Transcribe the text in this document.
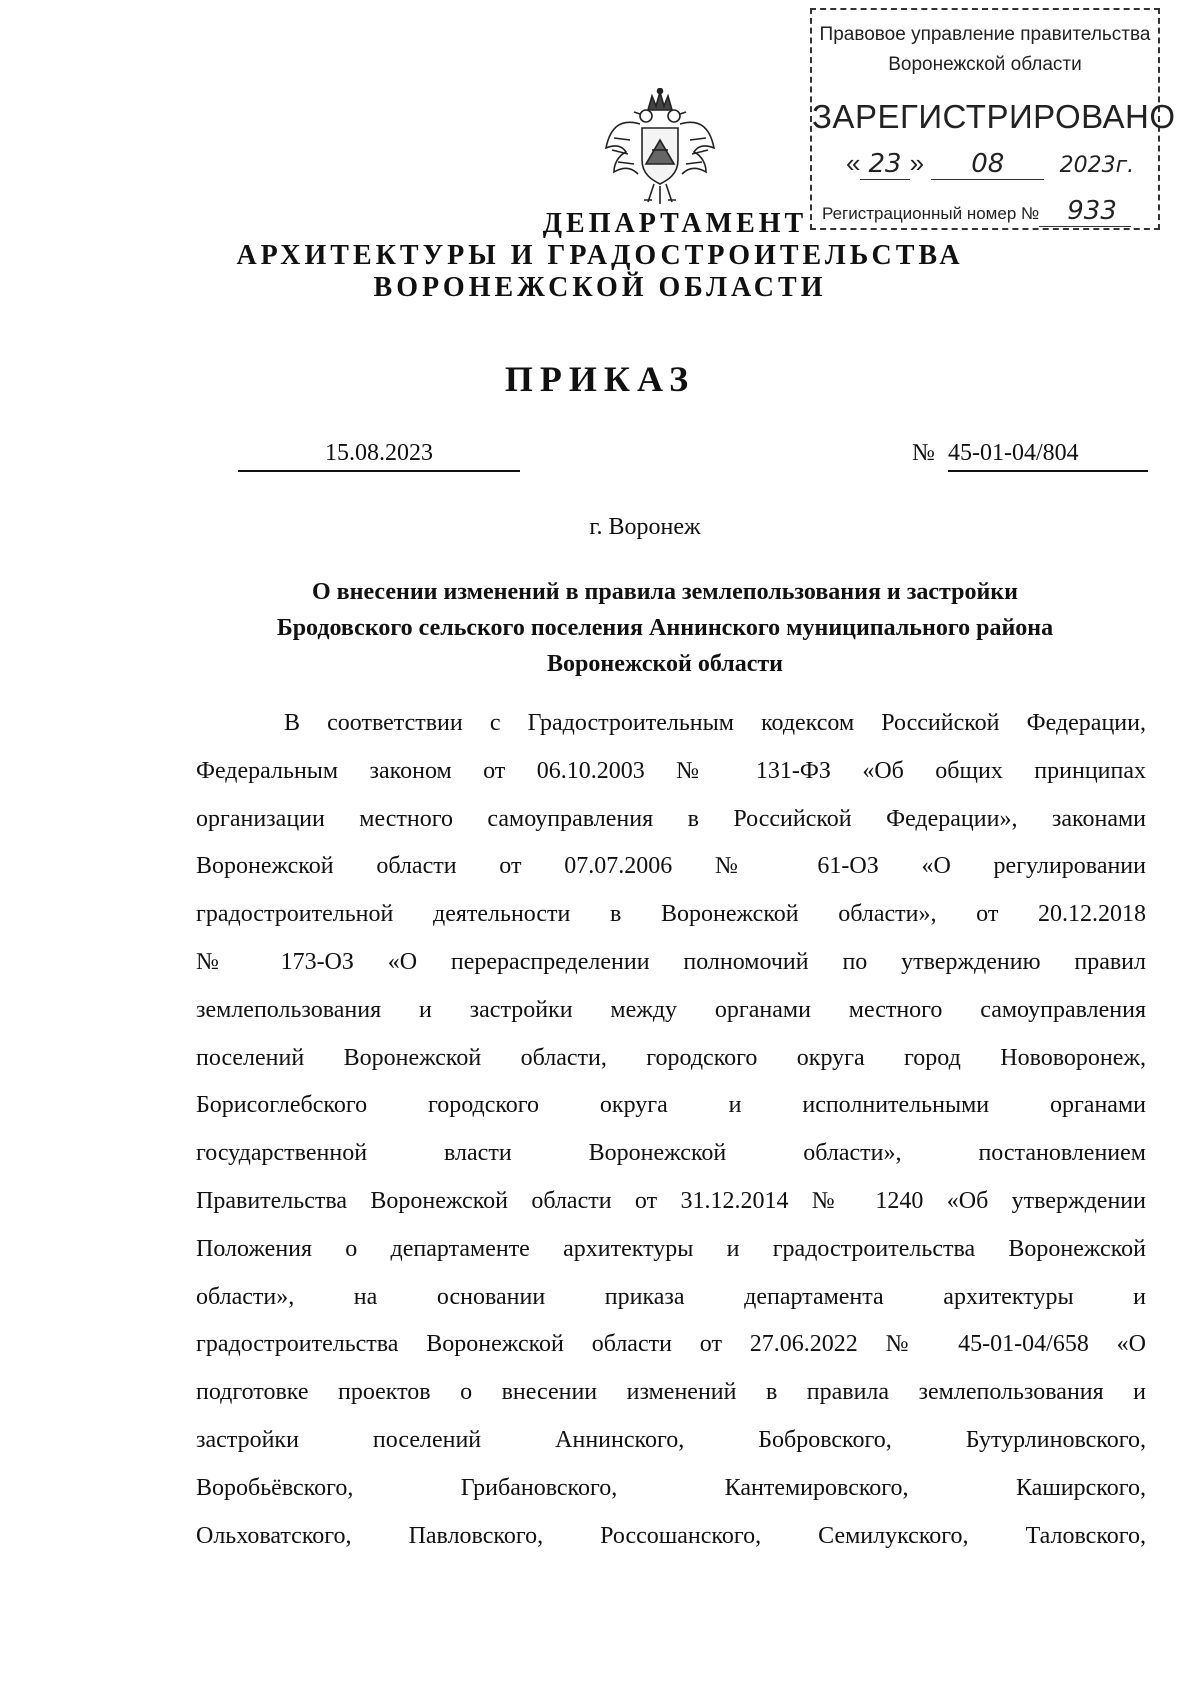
Правовое управление правительства
Воронежской области
ЗАРЕГИСТРИРОВАНО
« 23 » 08	2023г.
Регистрационный номер № 933
ДЕПАРТАМЕНТ
АРХИТЕКТУРЫ И ГРАДОСТРОИТЕЛЬСТВА
ВОРОНЕЖСКОЙ ОБЛАСТИ
ПРИКАЗ
15.08.2023	№ 45-01-04/804
г. Воронеж
О внесении изменений в правила землепользования и застройки
Бродовского сельского поселения Аннинского муниципального района
Воронежской области
В соответствии с Градостроительным кодексом Российской Федерации,
Федеральным законом от 06.10.2003 № 131-ФЗ «Об общих принципах
организации местного самоуправления в Российской Федерации», законами
Воронежской области от 07.07.2006 № 61-ОЗ «О регулировании
градостроительной деятельности в Воронежской области», от 20.12.2018
№ 173-ОЗ «О перераспределении полномочий по утверждению правил
землепользования и застройки между органами местного самоуправления
поселений Воронежской области, городского округа город Нововоронеж,
Борисоглебского городского округа и исполнительными органами
государственной власти Воронежской области», постановлением
Правительства Воронежской области от 31.12.2014 № 1240 «Об утверждении
Положения о департаменте архитектуры и градостроительства Воронежской
области», на основании приказа департамента архитектуры и
градостроительства Воронежской области от 27.06.2022 № 45-01-04/658 «О
подготовке проектов о внесении изменений в правила землепользования и
застройки поселений Аннинского, Бобровского, Бутурлиновского,
Воробьёвского, Грибановского, Кантемировского, Каширского,
Ольховатского, Павловского, Россошанского, Семилукского, Таловского,
